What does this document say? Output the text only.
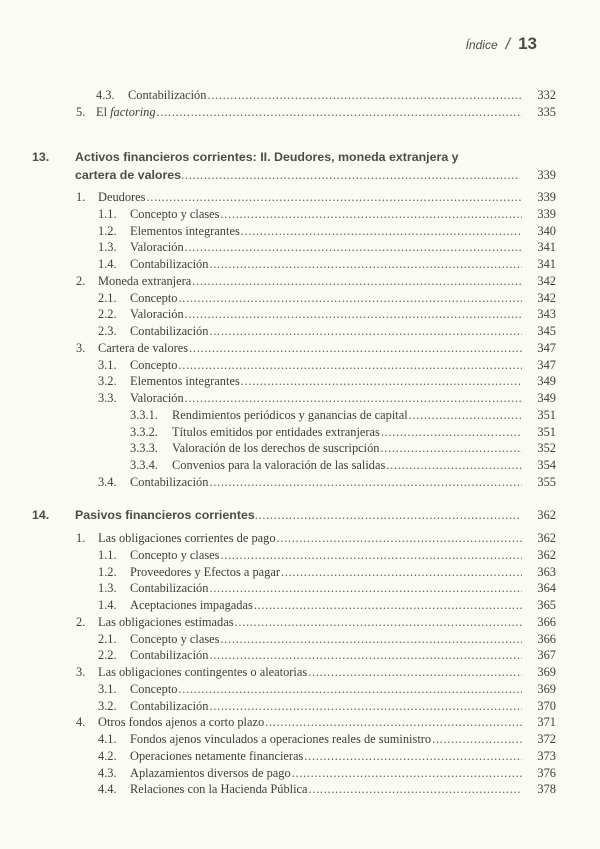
Índice / 13
4.3.	Contabilización . . .	332
5. El factoring . . .	335
13.	Activos financieros corrientes: II. Deudores, moneda extranjera y
cartera de valores . . .	339
1.	Deudores . . .	339
1.1.	Concepto y clases . . .	339
1.2.	Elementos integrantes . . .	340
1.3.	Valoración . . .	341
1.4.	Contabilización . . .	341
2.	Moneda extranjera . . .	342
2.1.	Concepto . . .	342
2.2.	Valoración . . .	343
2.3.	Contabilización . . .	345
3.	Cartera de valores . . .	347
3.1.	Concepto . . .	347
3.2.	Elementos integrantes . . .	349
3.3.	Valoración . . .	349
3.3.1.	Rendimientos periódicos y ganancias de capital . . .	351
3.3.2.	Títulos emitidos por entidades extranjeras . . .	351
3.3.3.	Valoración de los derechos de suscripción . . .	352
3.3.4.	Convenios para la valoración de las salidas . . .	354
3.4.	Contabilización . . .	355
14.	Pasivos financieros corrientes . . .	362
1.	Las obligaciones corrientes de pago . . .	362
1.1.	Concepto y clases . . .	362
1.2.	Proveedores y Efectos a pagar . . .	363
1.3.	Contabilización . . .	364
1.4.	Aceptaciones impagadas . . .	365
2.	Las obligaciones estimadas . . .	366
2.1.	Concepto y clases . . .	366
2.2.	Contabilización . . .	367
3.	Las obligaciones contingentes o aleatorias . . .	369
3.1.	Concepto . . .	369
3.2.	Contabilización . . .	370
4.	Otros fondos ajenos a corto plazo . . .	371
4.1.	Fondos ajenos vinculados a operaciones reales de suministro . . .	372
4.2.	Operaciones netamente financieras . . .	373
4.3.	Aplazamientos diversos de pago . . .	376
4.4.	Relaciones con la Hacienda Pública . . .	378
